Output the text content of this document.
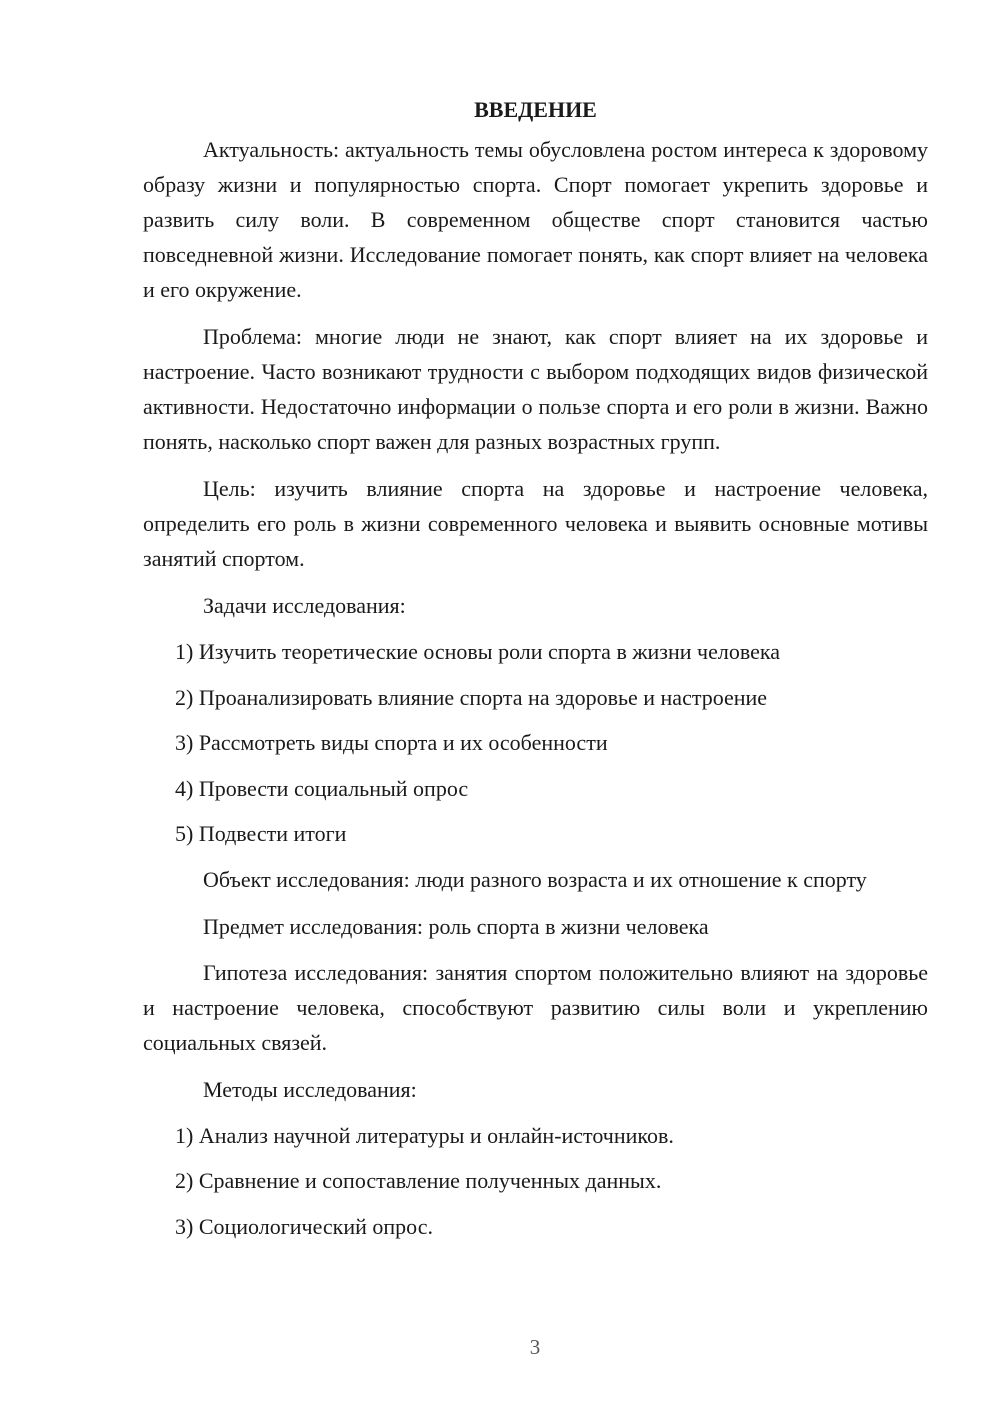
ВВЕДЕНИЕ

Актуальность: актуальность темы обусловлена ростом интереса к здоровому образу жизни и популярностью спорта. Спорт помогает укрепить здоровье и развить силу воли. В современном обществе спорт становится частью повседневной жизни. Исследование помогает понять, как спорт влияет на человека и его окружение.

Проблема: многие люди не знают, как спорт влияет на их здоровье и настроение. Часто возникают трудности с выбором подходящих видов физической активности. Недостаточно информации о пользе спорта и его роли в жизни. Важно понять, насколько спорт важен для разных возрастных групп.

Цель: изучить влияние спорта на здоровье и настроение человека, определить его роль в жизни современного человека и выявить основные мотивы занятий спортом.

Задачи исследования:

1) Изучить теоретические основы роли спорта в жизни человека

2) Проанализировать влияние спорта на здоровье и настроение

3) Рассмотреть виды спорта и их особенности

4) Провести социальный опрос

5) Подвести итоги

Объект исследования: люди разного возраста и их отношение к спорту

Предмет исследования: роль спорта в жизни человека

Гипотеза исследования: занятия спортом положительно влияют на здоровье и настроение человека, способствуют развитию силы воли и укреплению социальных связей.

Методы исследования:

1) Анализ научной литературы и онлайн-источников.

2) Сравнение и сопоставление полученных данных.

3) Социологический опрос.

3
